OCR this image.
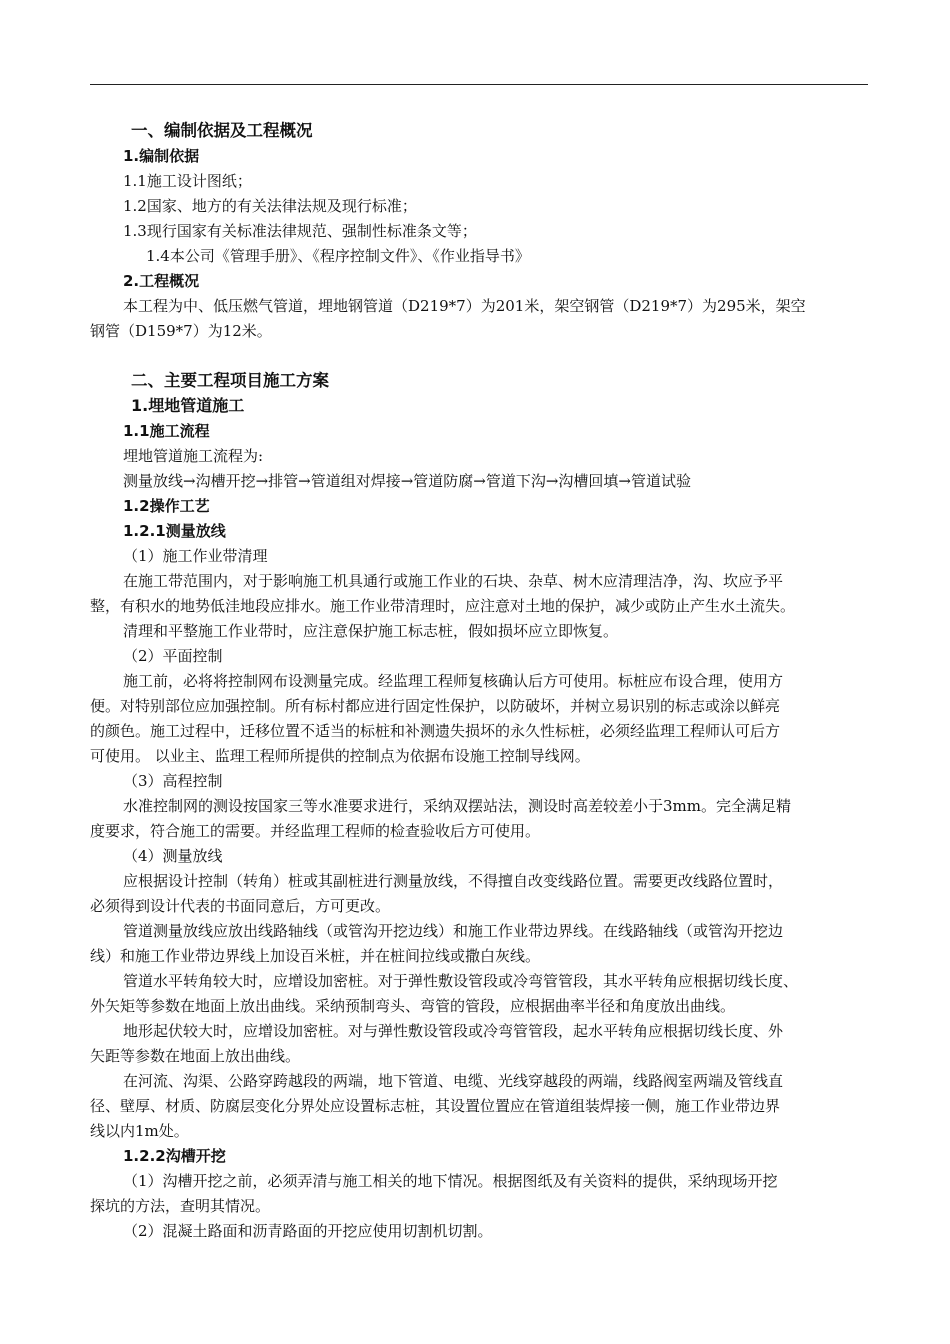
一、编制依据及工程概况
1.编制依据
1.1施工设计图纸；
1.2国家、地方的有关法律法规及现行标准；
1.3现行国家有关标准法律规范、强制性标准条文等；
1.4本公司《管理手册》、《程序控制文件》、《作业指导书》
2.工程概况
本工程为中、低压燃气管道，埋地钢管道（D219*7）为201米，架空钢管（D219*7）为295米，架空
钢管（D159*7）为12米。
二、主要工程项目施工方案
1.埋地管道施工
1.1施工流程
埋地管道施工流程为:
测量放线→沟槽开挖→排管→管道组对焊接→管道防腐→管道下沟→沟槽回填→管道试验
1.2操作工艺
1.2.1测量放线
（1）施工作业带清理
在施工带范围内，对于影响施工机具通行或施工作业的石块、杂草、树木应清理洁净，沟、坎应予平
整，有积水的地势低洼地段应排水。施工作业带清理时，应注意对土地的保护，减少或防止产生水土流失。
清理和平整施工作业带时，应注意保护施工标志桩，假如损坏应立即恢复。
（2）平面控制
施工前，必将将控制网布设测量完成。经监理工程师复核确认后方可使用。标桩应布设合理，使用方
便。对特别部位应加强控制。所有标村都应进行固定性保护，以防破坏，并树立易识别的标志或涂以鲜亮
的颜色。施工过程中，迁移位置不适当的标桩和补测遗失损坏的永久性标桩，必须经监理工程师认可后方
可使用。 以业主、监理工程师所提供的控制点为依据布设施工控制导线网。
（3）高程控制
水准控制网的测设按国家三等水准要求进行，采纳双摆站法，测设时高差较差小于3mm。完全满足精
度要求，符合施工的需要。并经监理工程师的检查验收后方可使用。
（4）测量放线
应根据设计控制（转角）桩或其副桩进行测量放线，不得擅自改变线路位置。需要更改线路位置时，
必须得到设计代表的书面同意后，方可更改。
管道测量放线应放出线路轴线（或管沟开挖边线）和施工作业带边界线。在线路轴线（或管沟开挖边
线）和施工作业带边界线上加设百米桩，并在桩间拉线或撒白灰线。
管道水平转角较大时，应增设加密桩。对于弹性敷设管段或冷弯管管段，其水平转角应根据切线长度、
外矢矩等参数在地面上放出曲线。采纳预制弯头、弯管的管段，应根据曲率半径和角度放出曲线。
地形起伏较大时，应增设加密桩。对与弹性敷设管段或冷弯管管段，起水平转角应根据切线长度、外
矢距等参数在地面上放出曲线。
在河流、沟渠、公路穿跨越段的两端，地下管道、电缆、光线穿越段的两端，线路阀室两端及管线直
径、壁厚、材质、防腐层变化分界处应设置标志桩，其设置位置应在管道组装焊接一侧，施工作业带边界
线以内1m处。
1.2.2沟槽开挖
（1）沟槽开挖之前，必须弄清与施工相关的地下情况。根据图纸及有关资料的提供，采纳现场开挖
探坑的方法，查明其情况。
（2）混凝土路面和沥青路面的开挖应使用切割机切割。
